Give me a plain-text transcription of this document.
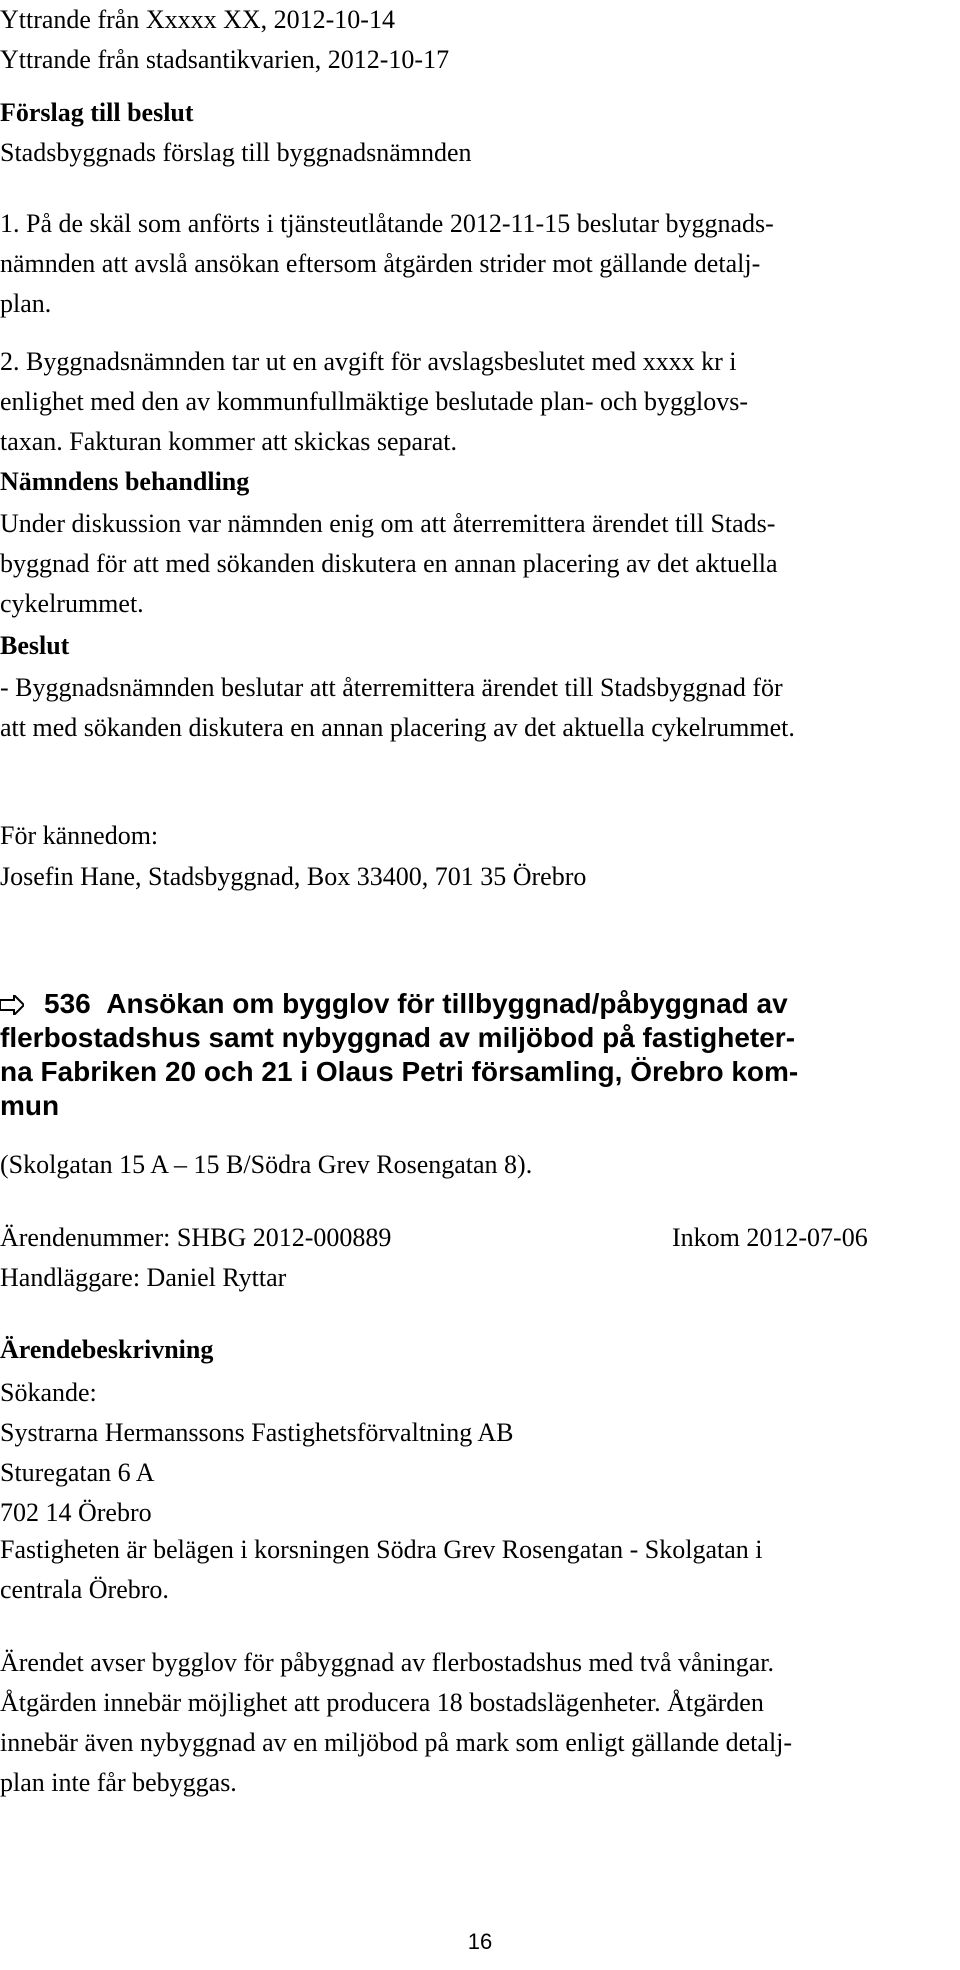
Yttrande från Xxxxx XX, 2012-10-14
Yttrande från stadsantikvarien, 2012-10-17

Förslag till beslut

Stadsbyggnads förslag till byggnadsnämnden

1. På de skäl som anförts i tjänsteutlåtande 2012-11-15 beslutar byggnads-
nämnden att avslå ansökan eftersom åtgärden strider mot gällande detalj-
plan.

2. Byggnadsnämnden tar ut en avgift för avslagsbeslutet med xxxx kr i
enlighet med den av kommunfullmäktige beslutade plan- och bygglovs-
taxan. Fakturan kommer att skickas separat.

Nämndens behandling

Under diskussion var nämnden enig om att återremittera ärendet till Stads-
byggnad för att med sökanden diskutera en annan placering av det aktuella
cykelrummet.

Beslut

- Byggnadsnämnden beslutar att återremittera ärendet till Stadsbyggnad för
att med sökanden diskutera en annan placering av det aktuella cykelrummet.

För kännedom:

Josefin Hane, Stadsbyggnad, Box 33400, 701 35 Örebro

536 Ansökan om bygglov för tillbyggnad/påbyggnad av
flerbostadshus samt nybyggnad av miljöbod på fastigheter-
na Fabriken 20 och 21 i Olaus Petri församling, Örebro kom-
mun

(Skolgatan 15 A – 15 B/Södra Grev Rosengatan 8).

Ärendenummer: SHBG 2012-000889	Inkom 2012-07-06

Handläggare: Daniel Ryttar

Ärendebeskrivning

Sökande:

Systrarna Hermanssons Fastighetsförvaltning AB
Sturegatan 6 A
702 14 Örebro

Fastigheten är belägen i korsningen Södra Grev Rosengatan - Skolgatan i
centrala Örebro.

Ärendet avser bygglov för påbyggnad av flerbostadshus med två våningar.
Åtgärden innebär möjlighet att producera 18 bostadslägenheter. Åtgärden
innebär även nybyggnad av en miljöbod på mark som enligt gällande detalj-
plan inte får bebyggas.

16
